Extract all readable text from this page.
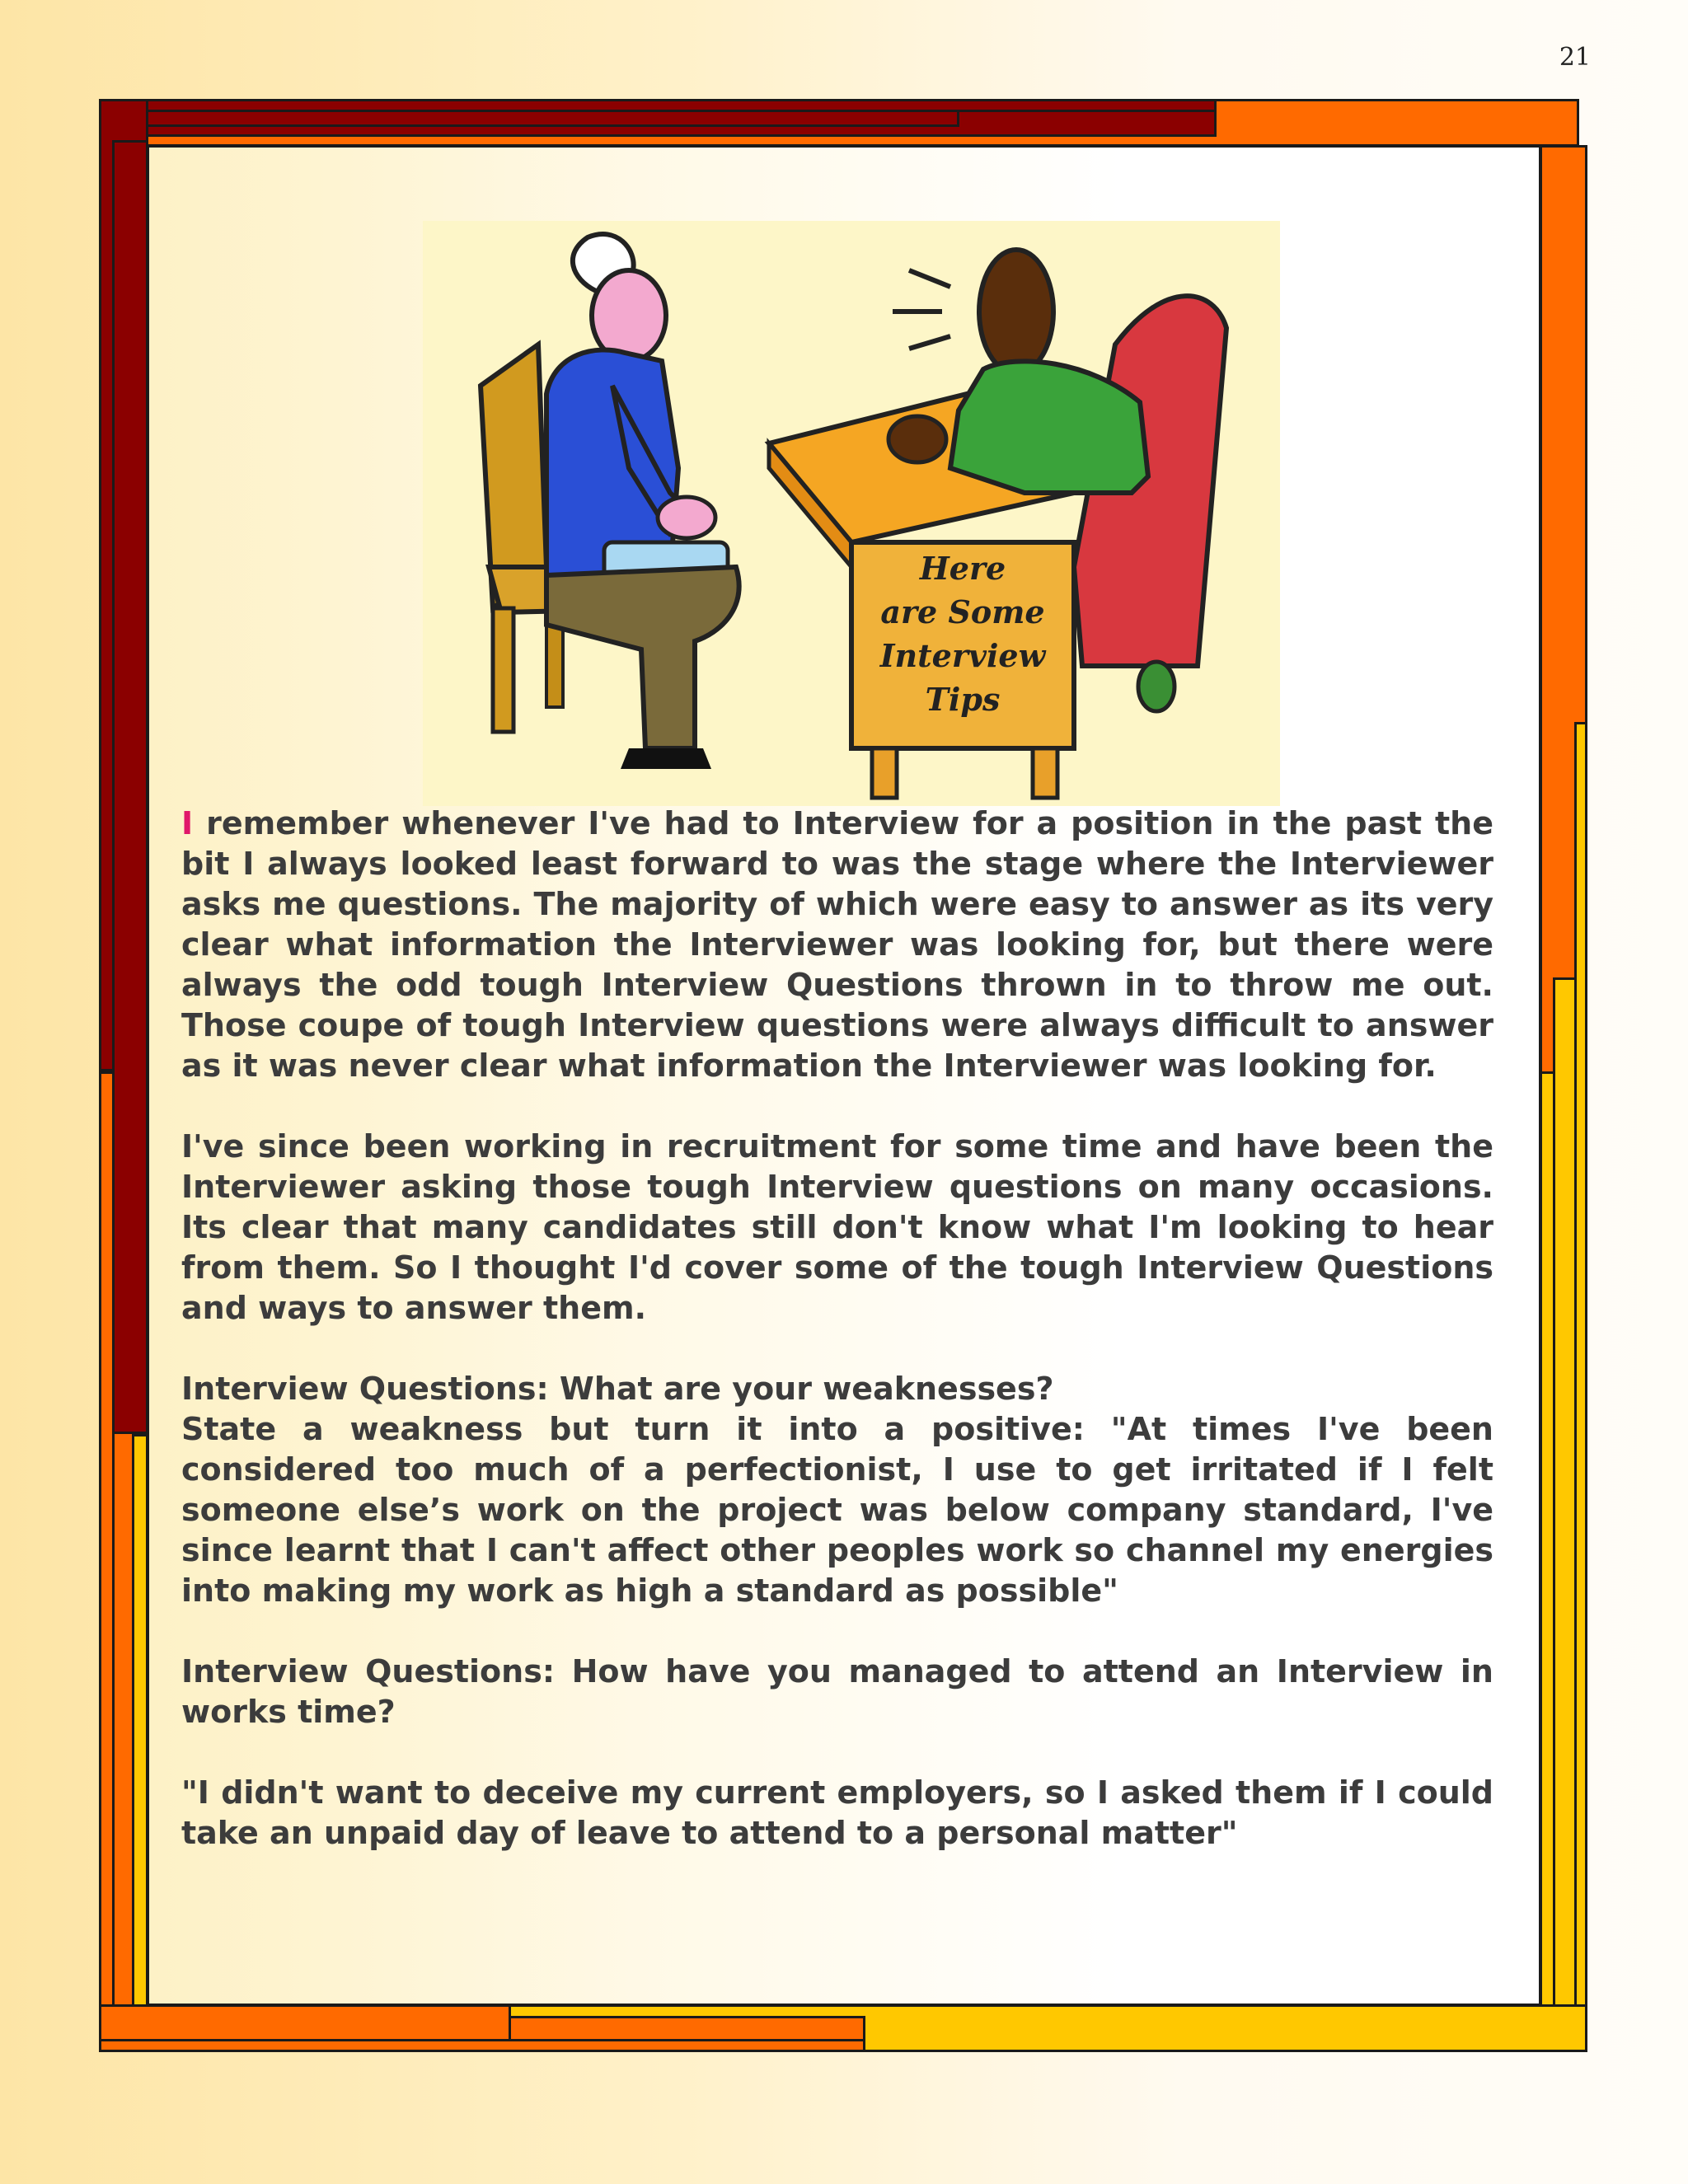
21
Here
are Some
Interview
Tips

I remember whenever I've had to Interview for a position in the past the bit I always looked least forward to was the stage where the Interviewer asks me questions. The majority of which were easy to answer as its very clear what information the Interviewer was looking for, but there were always the odd tough Interview Questions thrown in to throw me out. Those coupe of tough Interview questions were always difficult to answer as it was never clear what information the Interviewer was looking for.

I've since been working in recruitment for some time and have been the Interviewer asking those tough Interview questions on many occasions. Its clear that many candidates still don't know what I'm looking to hear from them. So I thought I'd cover some of the tough Interview Questions and ways to answer them.

Interview Questions: What are your weaknesses?

State a weakness but turn it into a positive: "At times I've been considered too much of a perfectionist, I use to get irritated if I felt someone else’s work on the project was below company standard, I've since learnt that I can't affect other peoples work so channel my energies into making my work as high a standard as possible"

Interview Questions: How have you managed to attend an Interview in works time?

"I didn't want to deceive my current employers, so I asked them if I could take an unpaid day of leave to attend to a personal matter"
